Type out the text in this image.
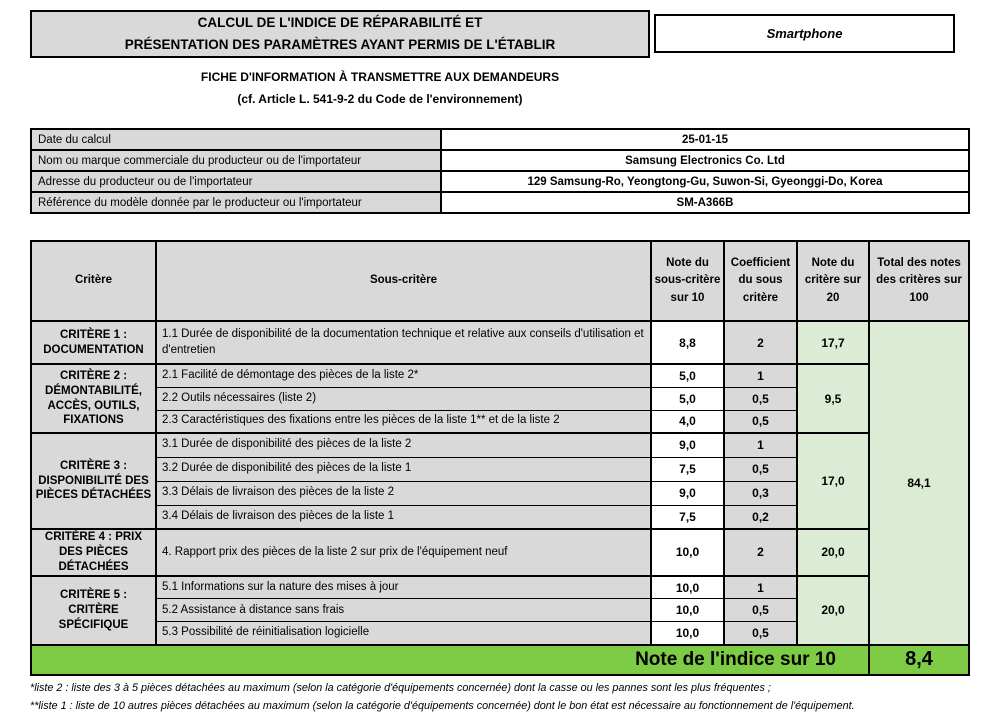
CALCUL DE L'INDICE DE RÉPARABILITÉ ET
PRÉSENTATION DES PARAMÈTRES AYANT PERMIS DE L'ÉTABLIR
Smartphone
FICHE D'INFORMATION À TRANSMETTRE AUX DEMANDEURS
(cf. Article L. 541-9-2 du Code de l'environnement)
Date du calcul	25-01-15
Nom ou marque commerciale du producteur ou de l'importateur	Samsung Electronics Co. Ltd
Adresse du producteur ou de l'importateur	129 Samsung-Ro, Yeongtong-Gu, Suwon-Si, Gyeonggi-Do, Korea
Référence du modèle donnée par le producteur ou l'importateur	SM-A366B
Critère	Sous-critère	Note du sous-critère sur 10	Coefficient du sous critère	Note du critère sur 20	Total des notes des critères sur 100
CRITÈRE 1 : DOCUMENTATION	1.1 Durée de disponibilité de la documentation technique et relative aux conseils d'utilisation et d'entretien	8,8	2	17,7	84,1
CRITÈRE 2 : DÉMONTABILITÉ, ACCÈS, OUTILS, FIXATIONS	2.1 Facilité de démontage des pièces de la liste 2*	5,0	1	9,5	
	2.2 Outils nécessaires (liste 2)	5,0	0,5		
	2.3 Caractéristiques des fixations entre les pièces de la liste 1** et de la liste 2	4,0	0,5		
CRITÈRE 3 : DISPONIBILITÉ DES PIÈCES DÉTACHÉES	3.1 Durée de disponibilité des pièces de la liste 2	9,0	1	17,0	
	3.2 Durée de disponibilité des pièces de la liste 1	7,5	0,5		
	3.3 Délais de livraison des pièces de la liste 2	9,0	0,3		
	3.4 Délais de livraison des pièces de la liste 1	7,5	0,2		
CRITÈRE 4 : PRIX DES PIÈCES DÉTACHÉES	4. Rapport prix des pièces de la liste 2 sur prix de l'équipement neuf	10,0	2	20,0	
CRITÈRE 5 : CRITÈRE SPÉCIFIQUE	5.1 Informations sur la nature des mises à jour	10,0	1	20,0	
	5.2 Assistance à distance sans frais	10,0	0,5		
	5.3 Possibilité de réinitialisation logicielle	10,0	0,5		
Note de l'indice sur 10					8,4
*liste 2 : liste des 3 à 5 pièces détachées au maximum (selon la catégorie d'équipements concernée) dont la casse ou les pannes sont les plus fréquentes ;
**liste 1 : liste de 10 autres pièces détachées au maximum (selon la catégorie d'équipements concernée) dont le bon état est nécessaire au fonctionnement de l'équipement.
